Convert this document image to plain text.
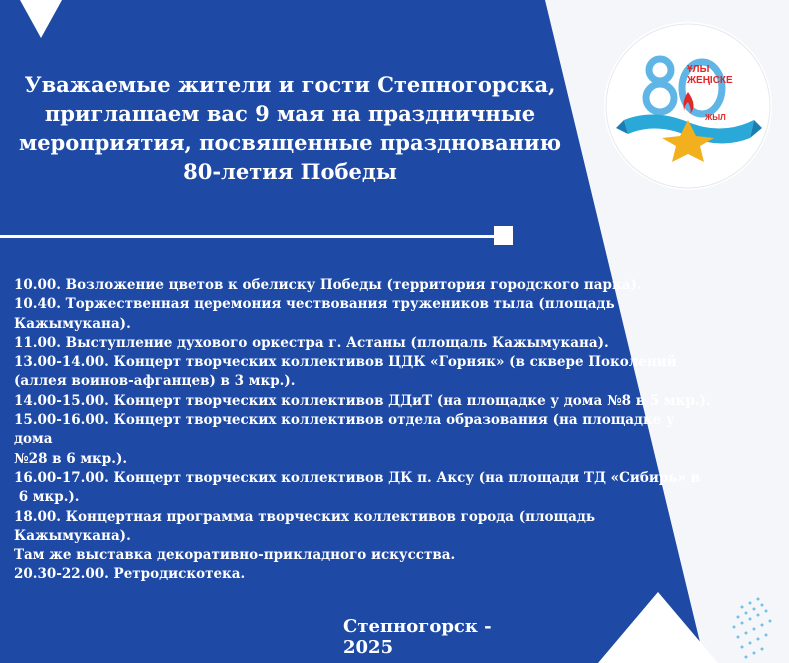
ҰЛЫ ЖЕҢІСКЕ
ЖЫЛ
Уважаемые жители и гости Степногорска,
приглашаем вас 9 мая на праздничные
мероприятия, посвященные празднованию
80-летия Победы
10.00. Возложение цветов к обелиску Победы (территория городского парка).
10.40. Торжественная церемония чествования тружеников тыла (площадь
Кажымукана).
11.00. Выступление духового оркестра г. Астаны (площаль Кажымукана).
13.00-14.00. Концерт творческих коллективов ЦДК «Горняк» (в сквере Поколений
(аллея воинов-афганцев) в 3 мкр.).
14.00-15.00. Концерт творческих коллективов ДДиТ (на площадке у дома №8 в 5 мкр.).
15.00-16.00. Концерт творческих коллективов отдела образования (на площадке у дома
№28 в 6 мкр.).
16.00-17.00. Концерт творческих коллективов ДК п. Аксу (на площади ТД «Сибирь» в
6 мкр.).
18.00. Концертная программа творческих коллективов города (площадь Кажымукана).
Там же выставка декоративно-прикладного искусства.
20.30-22.00. Ретродискотека.
Степногорск - 2025
